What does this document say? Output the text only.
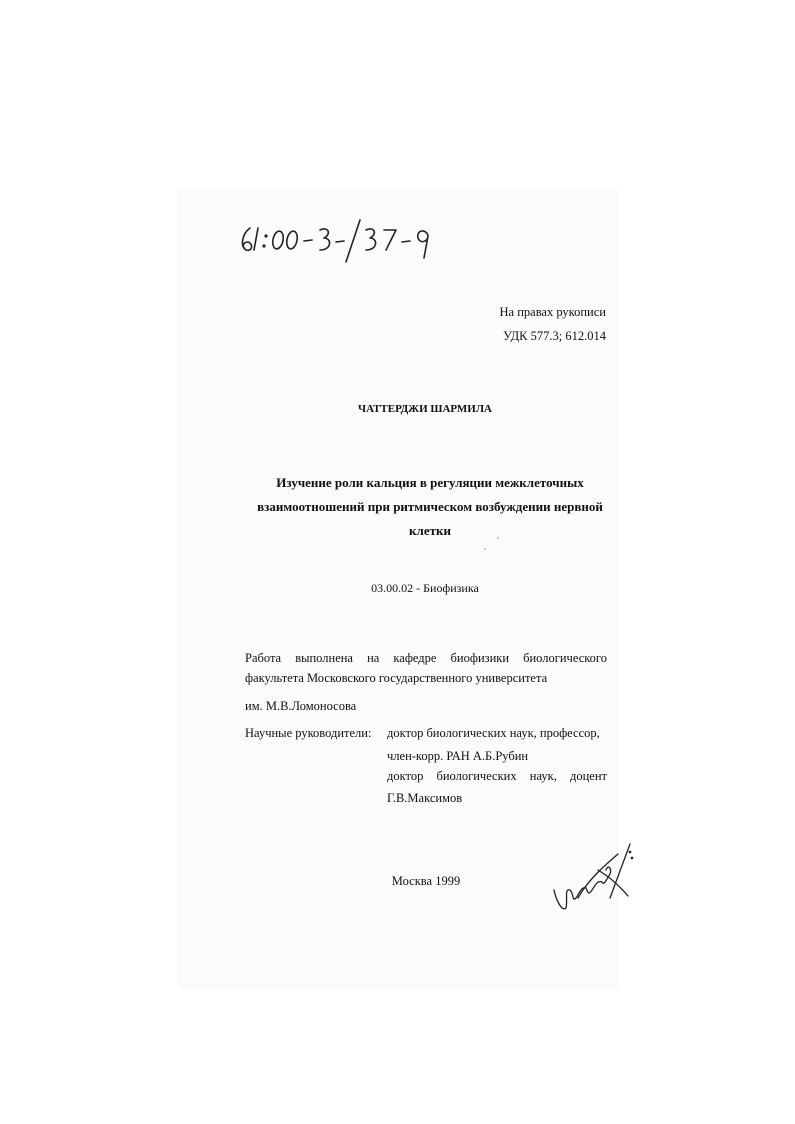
На правах рукописи
УДК 577.3; 612.014
ЧАТТЕРДЖИ ШАРМИЛА
Изучение роли кальция в регуляции межклеточных
взаимоотношений при ритмическом возбуждении нервной
клетки
03.00.02 - Биофизика
Работа выполнена на кафедре биофизики биологического
факультета Московского государственного университета
им. М.В.Ломоносова
Научные руководители: доктор биологических наук, профессор,
член-корр. РАН А.Б.Рубин
доктор биологических наук, доцент
Г.В.Максимов
Москва 1999
